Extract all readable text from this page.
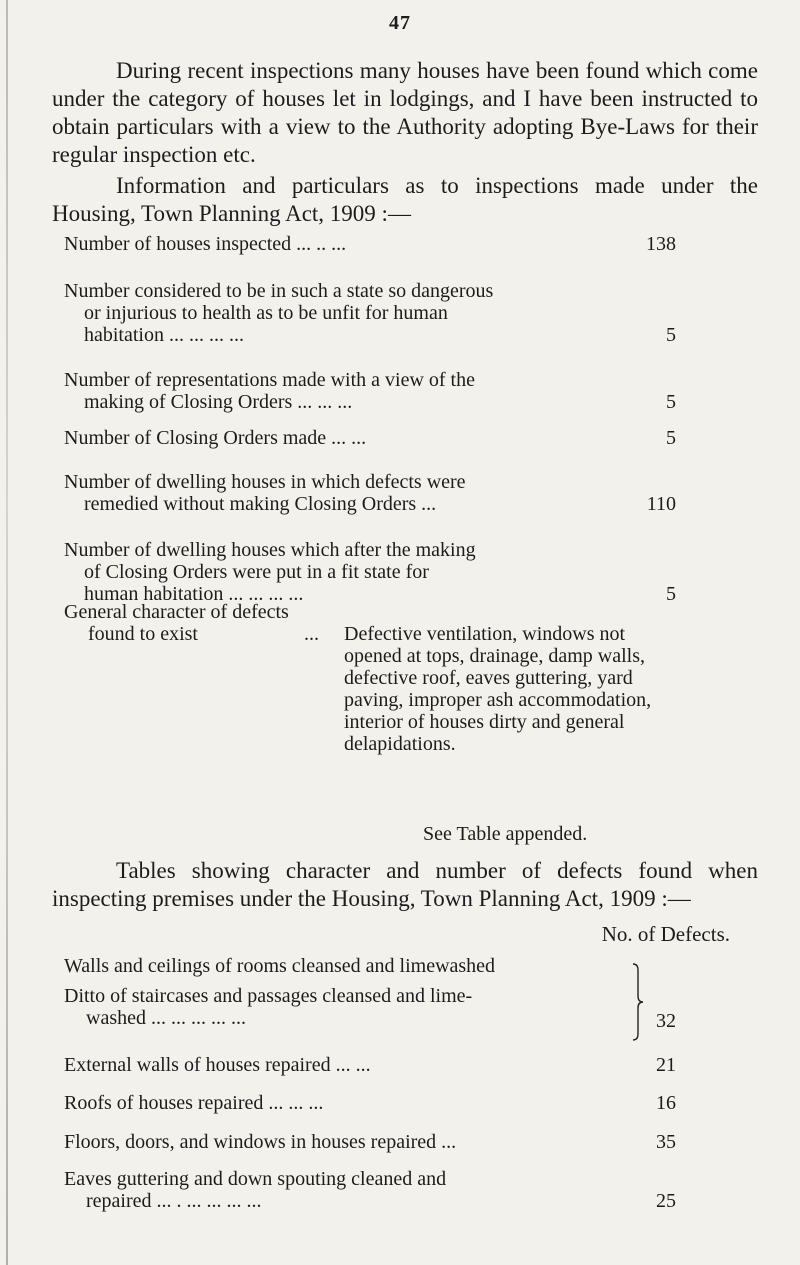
47
During recent inspections many houses have been found which come under the category of houses let in lodgings, and I have been instructed to obtain particulars with a view to the Authority adopting Bye-Laws for their regular inspection etc.
Information and particulars as to inspections made under the Housing, Town Planning Act, 1909 :—
Number of houses inspected ... .. ...	138
Number considered to be in such a state so dangerous
or injurious to health as to be unfit for human
habitation ... ... ... ...	5
Number of representations made with a view of the
making of Closing Orders ... ... ...	5
Number of Closing Orders made ... ...	5
Number of dwelling houses in which defects were
remedied without making Closing Orders ...	110
Number of dwelling houses which after the making
of Closing Orders were put in a fit state for
human habitation ... ... ... ...	5
General character of defects
found to exist	... Defective ventilation, windows not opened at tops, drainage, damp walls, defective roof, eaves guttering, yard paving, improper ash accommodation, interior of houses dirty and general delapidations.
See Table appended.
Tables showing character and number of defects found when inspecting premises under the Housing, Town Planning Act, 1909 :—
No. of Defects.
Walls and ceilings of rooms cleansed and limewashed
Ditto of staircases and passages cleansed and lime-
washed ... ... ... ... ...	32
External walls of houses repaired ... ...	21
Roofs of houses repaired ... ... ...	16
Floors, doors, and windows in houses repaired ...	35
Eaves guttering and down spouting cleaned and
repaired ... . ... ... ... ...	25
